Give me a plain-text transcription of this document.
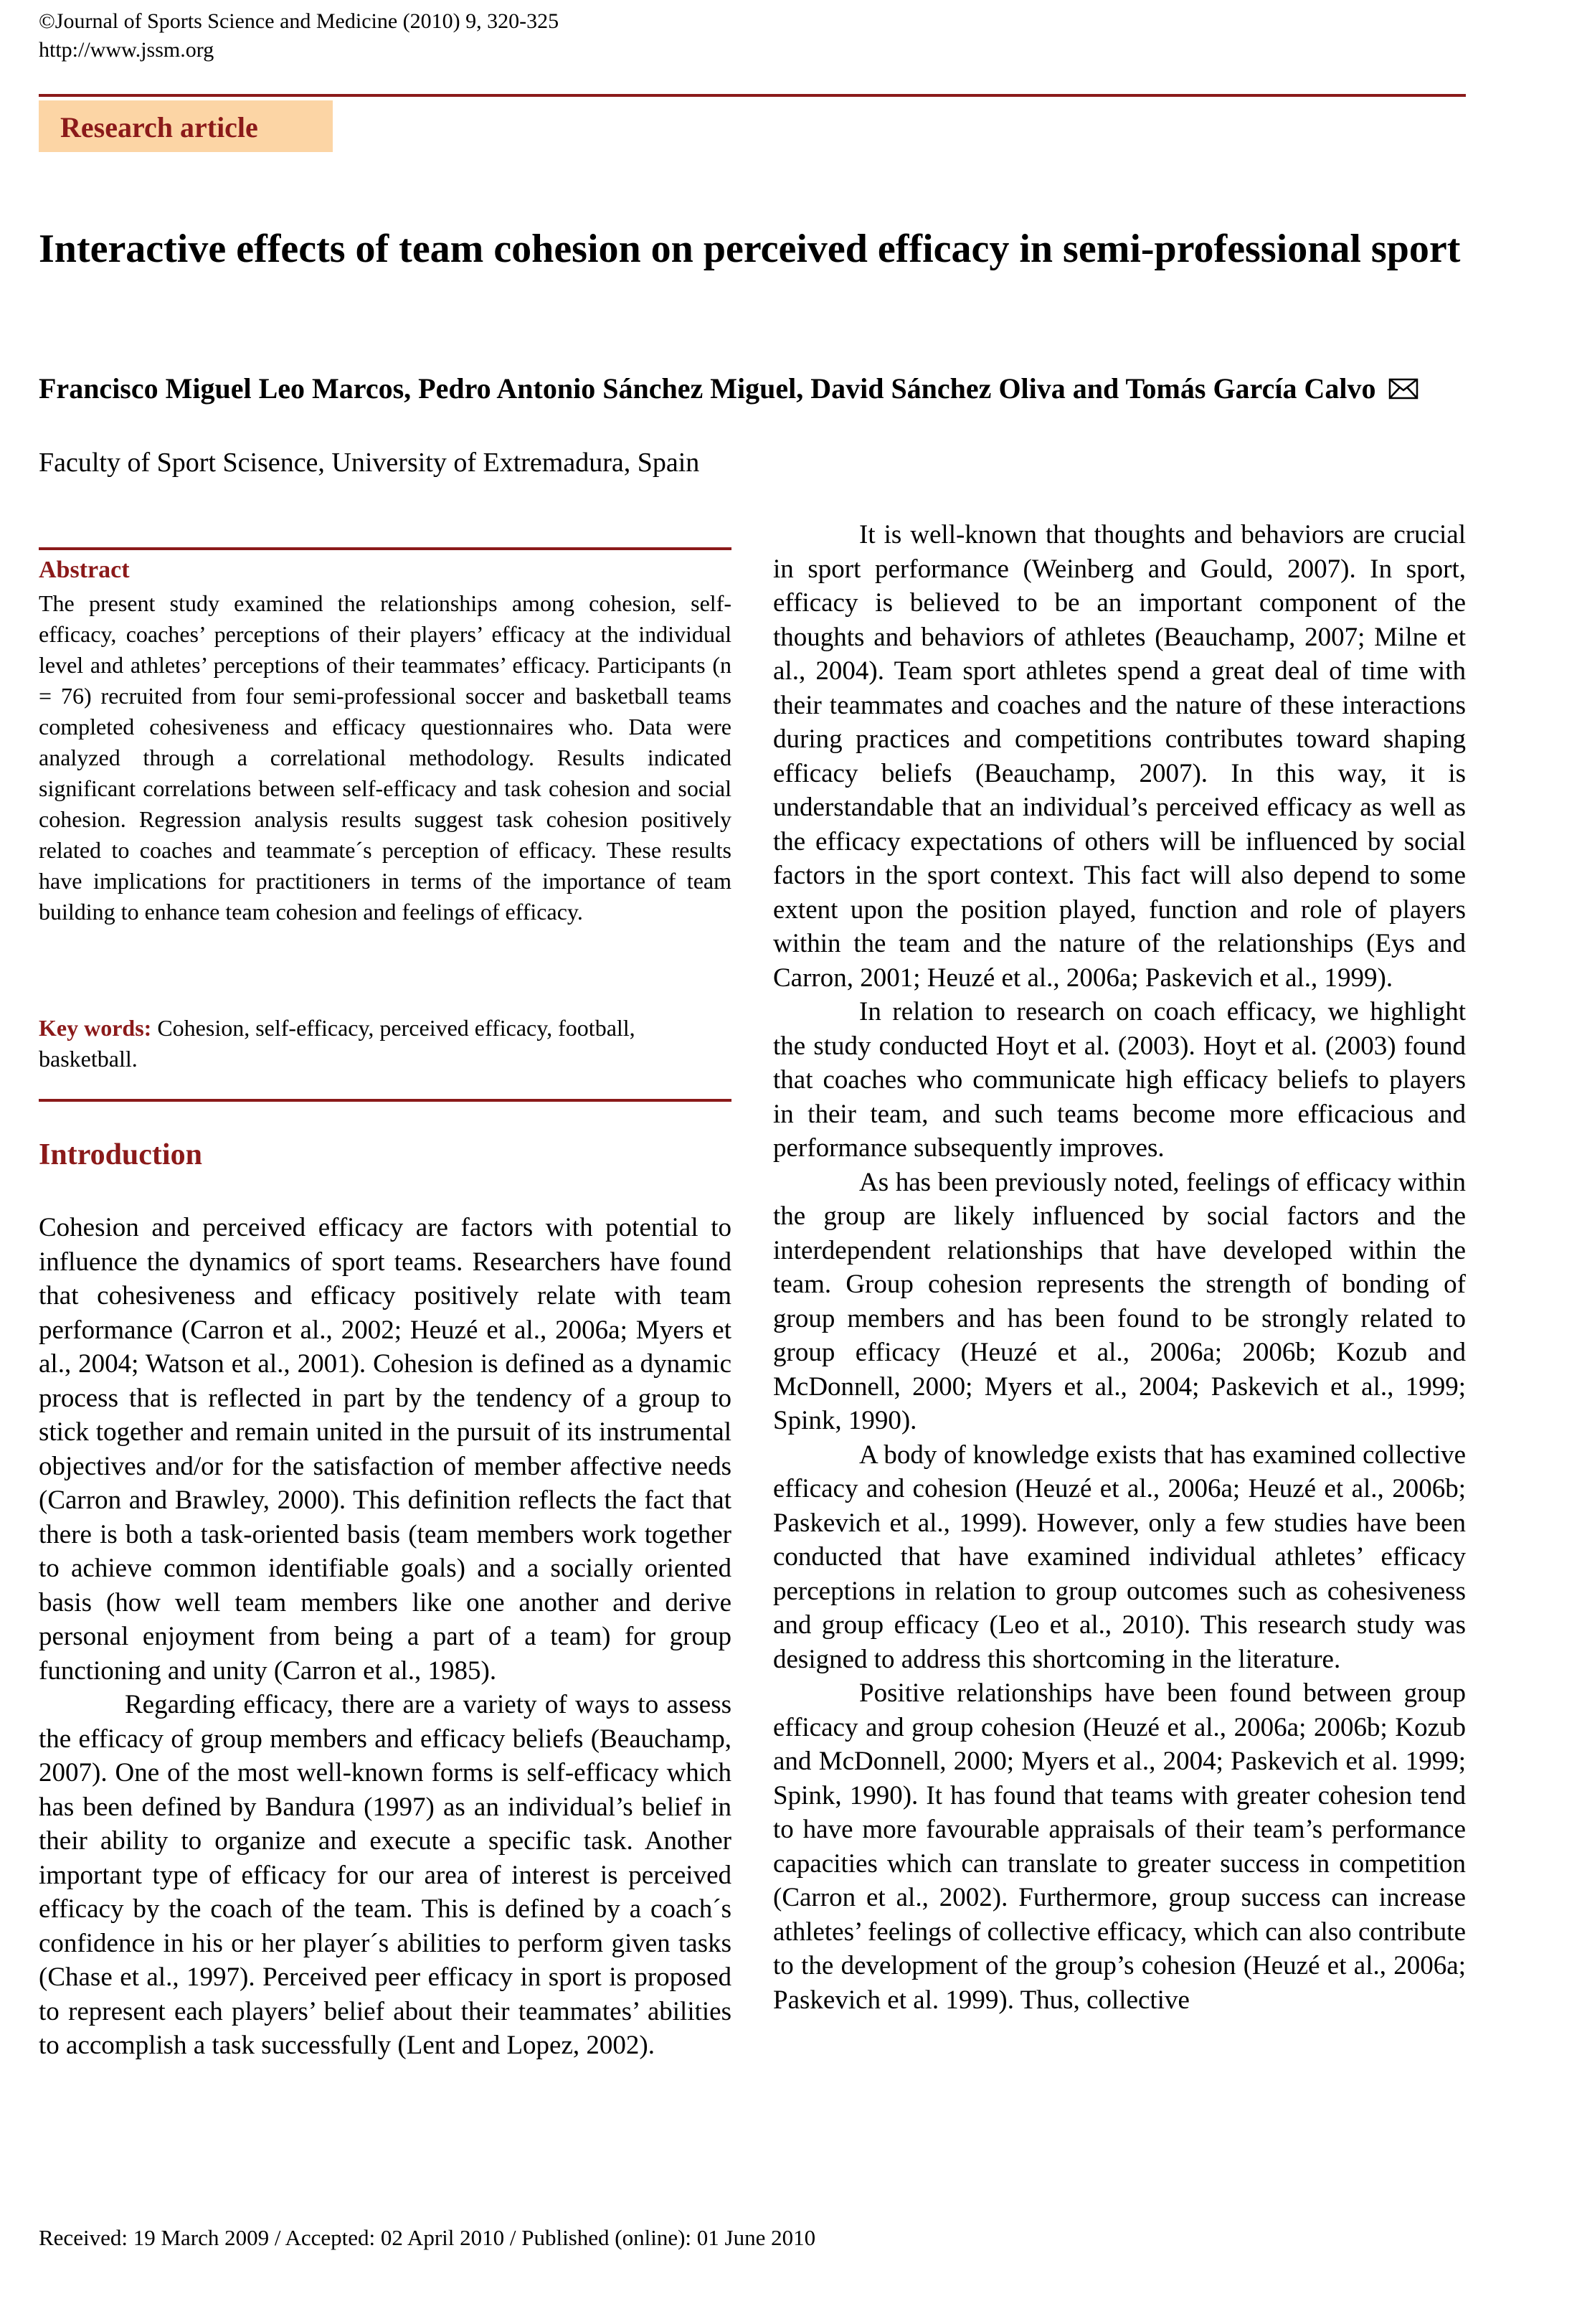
©Journal of Sports Science and Medicine (2010) 9, 320-325
http://www.jssm.org
Research article
Interactive effects of team cohesion on perceived efficacy in semi-professional sport
Francisco Miguel Leo Marcos, Pedro Antonio Sánchez Miguel, David Sánchez Oliva and Tomás García Calvo
Faculty of Sport Scisence, University of Extremadura, Spain
Abstract
The present study examined the relationships among cohesion, self-efficacy, coaches’ perceptions of their players’ efficacy at the individual level and athletes’ perceptions of their teammates’ efficacy. Participants (n = 76) recruited from four semi-professional soccer and basketball teams completed cohesiveness and efficacy questionnaires who. Data were analyzed through a correlational methodology. Results indicated significant correlations between self-efficacy and task cohesion and social cohesion. Regression analysis results suggest task cohesion positively related to coaches and teammate´s perception of efficacy. These results have implications for practitioners in terms of the importance of team building to enhance team cohesion and feelings of efficacy.
Key words: Cohesion, self-efficacy, perceived efficacy, football, basketball.
Introduction

Cohesion and perceived efficacy are factors with potential to influence the dynamics of sport teams. Researchers have found that cohesiveness and efficacy positively relate with team performance (Carron et al., 2002; Heuzé et al., 2006a; Myers et al., 2004; Watson et al., 2001). Cohesion is defined as a dynamic process that is reflected in part by the tendency of a group to stick together and remain united in the pursuit of its instrumental objectives and/or for the satisfaction of member affective needs (Carron and Brawley, 2000). This definition reflects the fact that there is both a task-oriented basis (team members work together to achieve common identifiable goals) and a socially oriented basis (how well team members like one another and derive personal enjoyment from being a part of a team) for group functioning and unity (Carron et al., 1985).

Regarding efficacy, there are a variety of ways to assess the efficacy of group members and efficacy beliefs (Beauchamp, 2007). One of the most well-known forms is self-efficacy which has been defined by Bandura (1997) as an individual’s belief in their ability to organize and execute a specific task. Another important type of efficacy for our area of interest is perceived efficacy by the coach of the team. This is defined by a coach´s confidence in his or her player´s abilities to perform given tasks (Chase et al., 1997). Perceived peer efficacy in sport is proposed to represent each players’ belief about their teammates’ abilities to accomplish a task successfully (Lent and Lopez, 2002).

It is well-known that thoughts and behaviors are crucial in sport performance (Weinberg and Gould, 2007). In sport, efficacy is believed to be an important component of the thoughts and behaviors of athletes (Beauchamp, 2007; Milne et al., 2004). Team sport athletes spend a great deal of time with their teammates and coaches and the nature of these interactions during practices and competitions contributes toward shaping efficacy beliefs (Beauchamp, 2007). In this way, it is understandable that an individual’s perceived efficacy as well as the efficacy expectations of others will be influenced by social factors in the sport context. This fact will also depend to some extent upon the position played, function and role of players within the team and the nature of the relationships (Eys and Carron, 2001; Heuzé et al., 2006a; Paskevich et al., 1999).

In relation to research on coach efficacy, we highlight the study conducted Hoyt et al. (2003). Hoyt et al. (2003) found that coaches who communicate high efficacy beliefs to players in their team, and such teams become more efficacious and performance subsequently improves.

As has been previously noted, feelings of efficacy within the group are likely influenced by social factors and the interdependent relationships that have developed within the team. Group cohesion represents the strength of bonding of group members and has been found to be strongly related to group efficacy (Heuzé et al., 2006a; 2006b; Kozub and McDonnell, 2000; Myers et al., 2004; Paskevich et al., 1999; Spink, 1990).

A body of knowledge exists that has examined collective efficacy and cohesion (Heuzé et al., 2006a; Heuzé et al., 2006b; Paskevich et al., 1999). However, only a few studies have been conducted that have examined individual athletes’ efficacy perceptions in relation to group outcomes such as cohesiveness and group efficacy (Leo et al., 2010). This research study was designed to address this shortcoming in the literature.

Positive relationships have been found between group efficacy and group cohesion (Heuzé et al., 2006a; 2006b; Kozub and McDonnell, 2000; Myers et al., 2004; Paskevich et al. 1999; Spink, 1990). It has found that teams with greater cohesion tend to have more favourable appraisals of their team’s performance capacities which can translate to greater success in competition (Carron et al., 2002). Furthermore, group success can increase athletes’ feelings of collective efficacy, which can also contribute to the development of the group’s cohesion (Heuzé et al., 2006a; Paskevich et al. 1999). Thus, collective

Received: 19 March 2009 / Accepted: 02 April 2010 / Published (online): 01 June 2010
